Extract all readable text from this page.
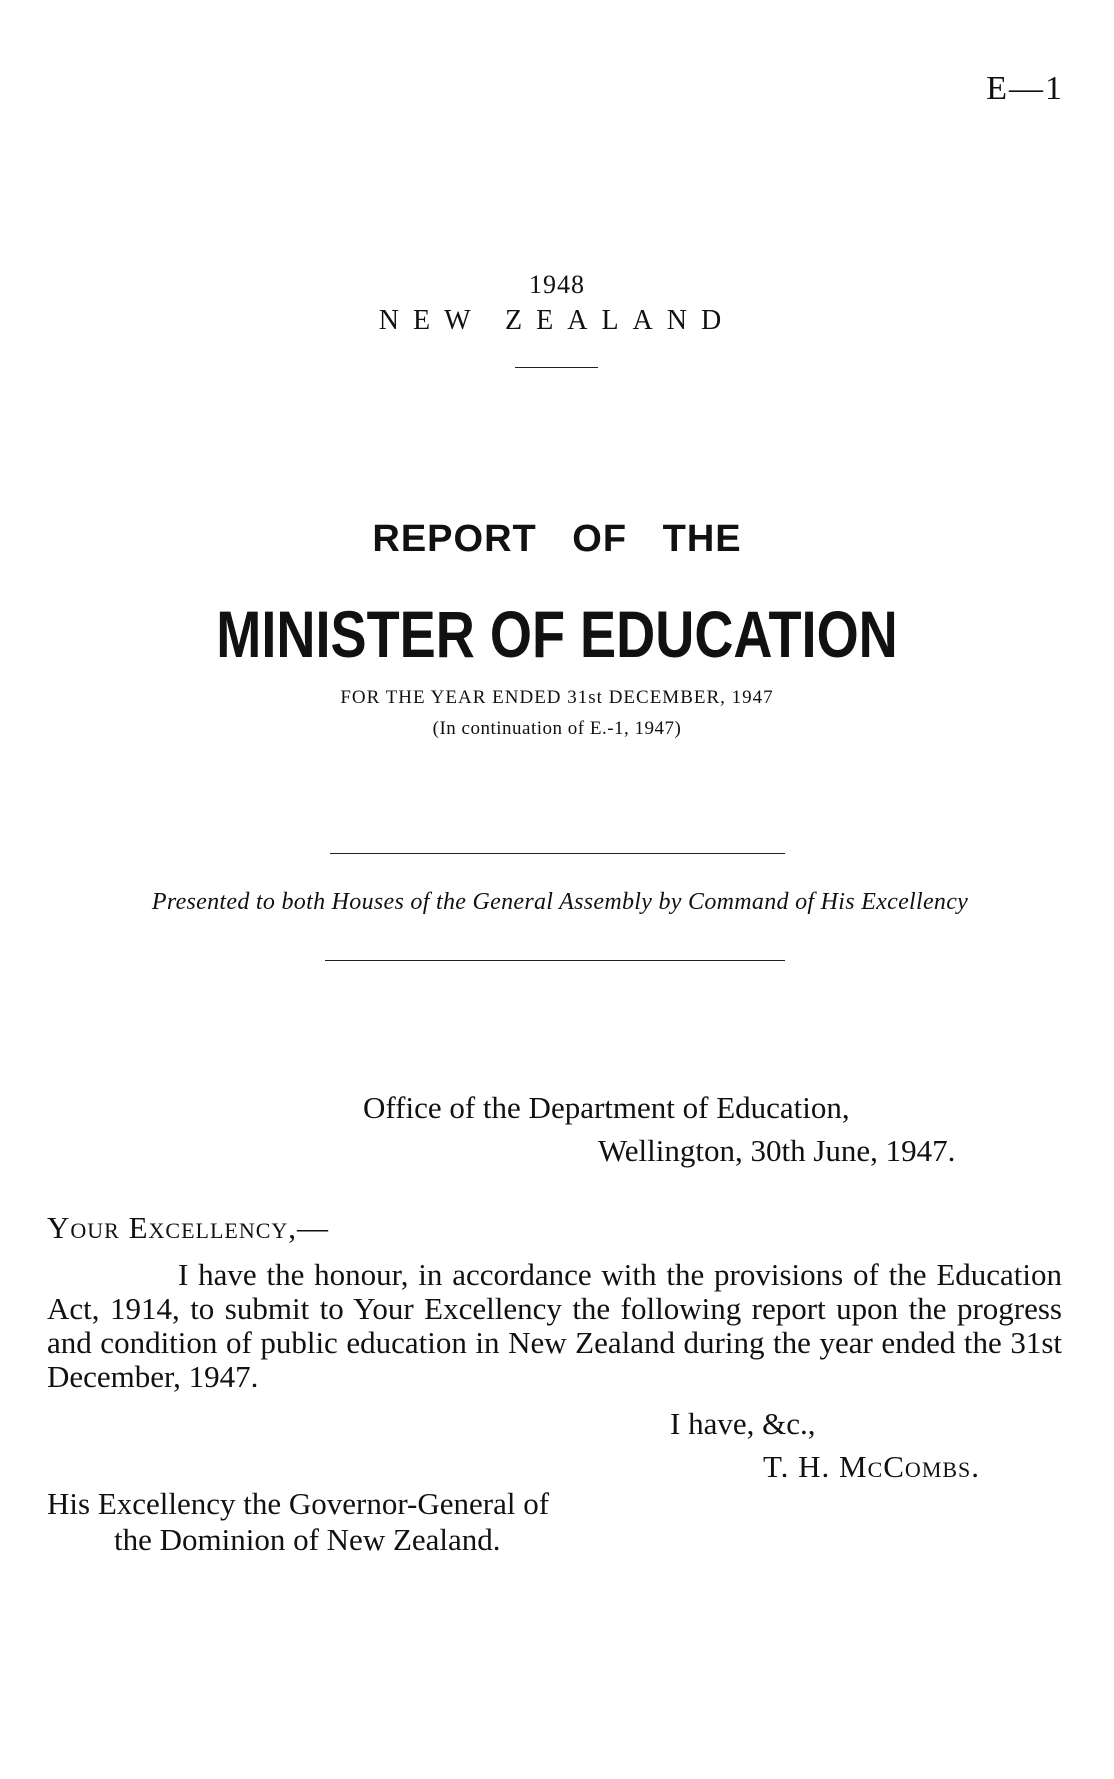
E—1
1948
NEW ZEALAND
REPORT OF THE
MINISTER OF EDUCATION
FOR THE YEAR ENDED 31st DECEMBER, 1947
(In continuation of E.-1, 1947)
Presented to both Houses of the General Assembly by Command of His Excellency
Office of the Department of Education,
Wellington, 30th June, 1947.
Your Excellency,—
I have the honour, in accordance with the provisions of the Education Act, 1914, to submit to Your Excellency the following report upon the progress and condition of public education in New Zealand during the year ended the 31st December, 1947.
I have, &c.,
T. H. McCombs.
His Excellency the Governor-General of
the Dominion of New Zealand.
